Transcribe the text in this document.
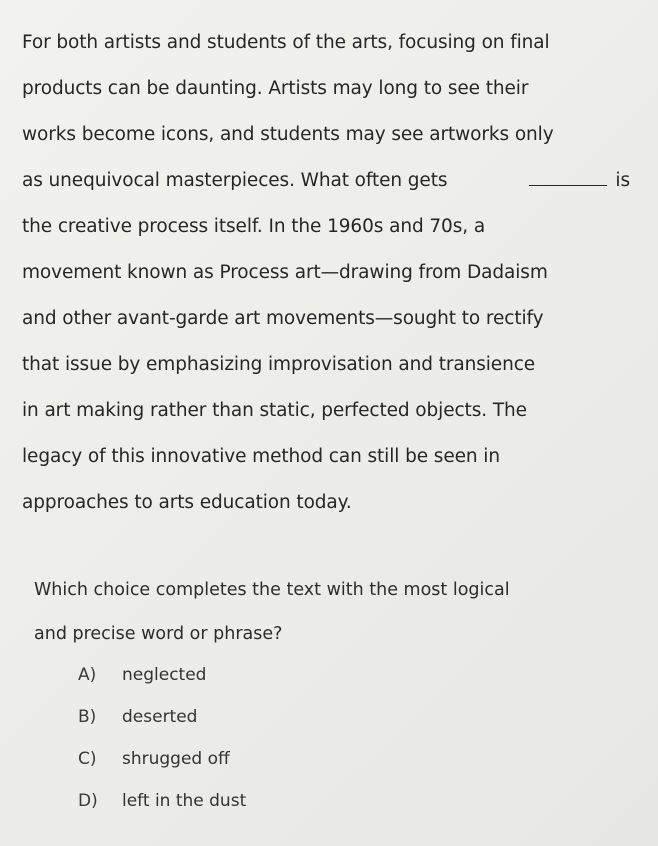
For both artists and students of the arts, focusing on final
products can be daunting. Artists may long to see their
works become icons, and students may see artworks only
as unequivocal masterpieces. What often gets	is
the creative process itself. In the 1960s and 70s, a
movement known as Process art—drawing from Dadaism
and other avant-garde art movements—sought to rectify
that issue by emphasizing improvisation and transience
in art making rather than static, perfected objects. The
legacy of this innovative method can still be seen in
approaches to arts education today.
Which choice completes the text with the most logical
and precise word or phrase?
A)	neglected
B)	deserted
C)	shrugged off
D)	left in the dust
